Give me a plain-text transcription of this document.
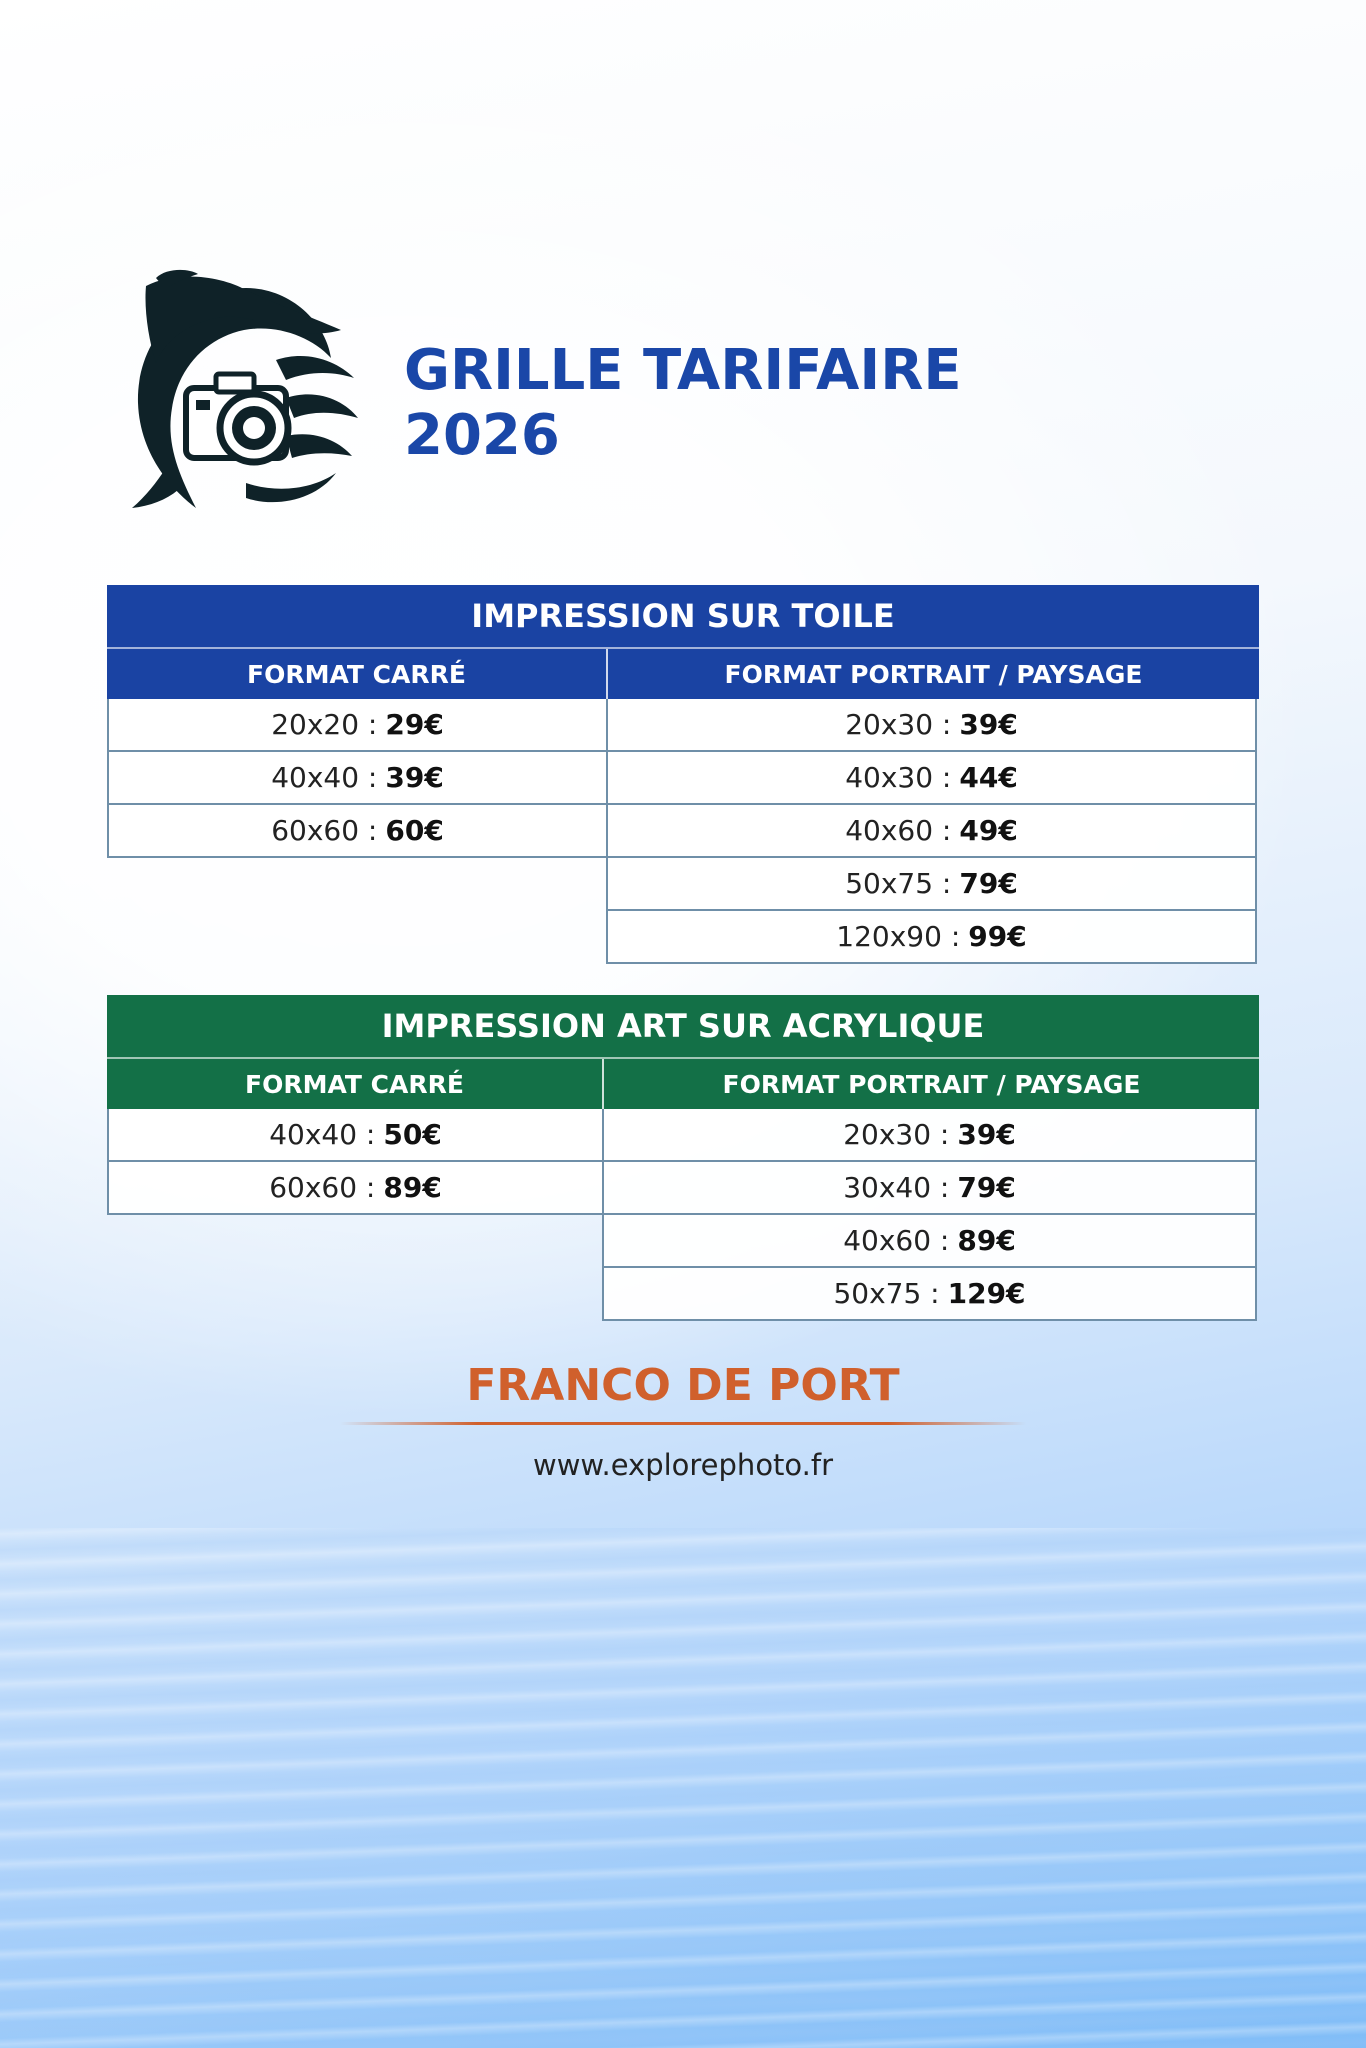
GRILLE TARIFAIRE 2026
IMPRESSION SUR TOILE
FORMAT CARRÉ	FORMAT PORTRAIT / PAYSAGE
20x20 : 29€
40x40 : 39€
60x60 : 60€
20x30 : 39€
40x30 : 44€
40x60 : 49€
50x75 : 79€
120x90 : 99€
IMPRESSION ART SUR ACRYLIQUE
FORMAT CARRÉ	FORMAT PORTRAIT / PAYSAGE
40x40 : 50€
60x60 : 89€
20x30 : 39€
30x40 : 79€
40x60 : 89€
50x75 : 129€
FRANCO DE PORT
www.explorephoto.fr
